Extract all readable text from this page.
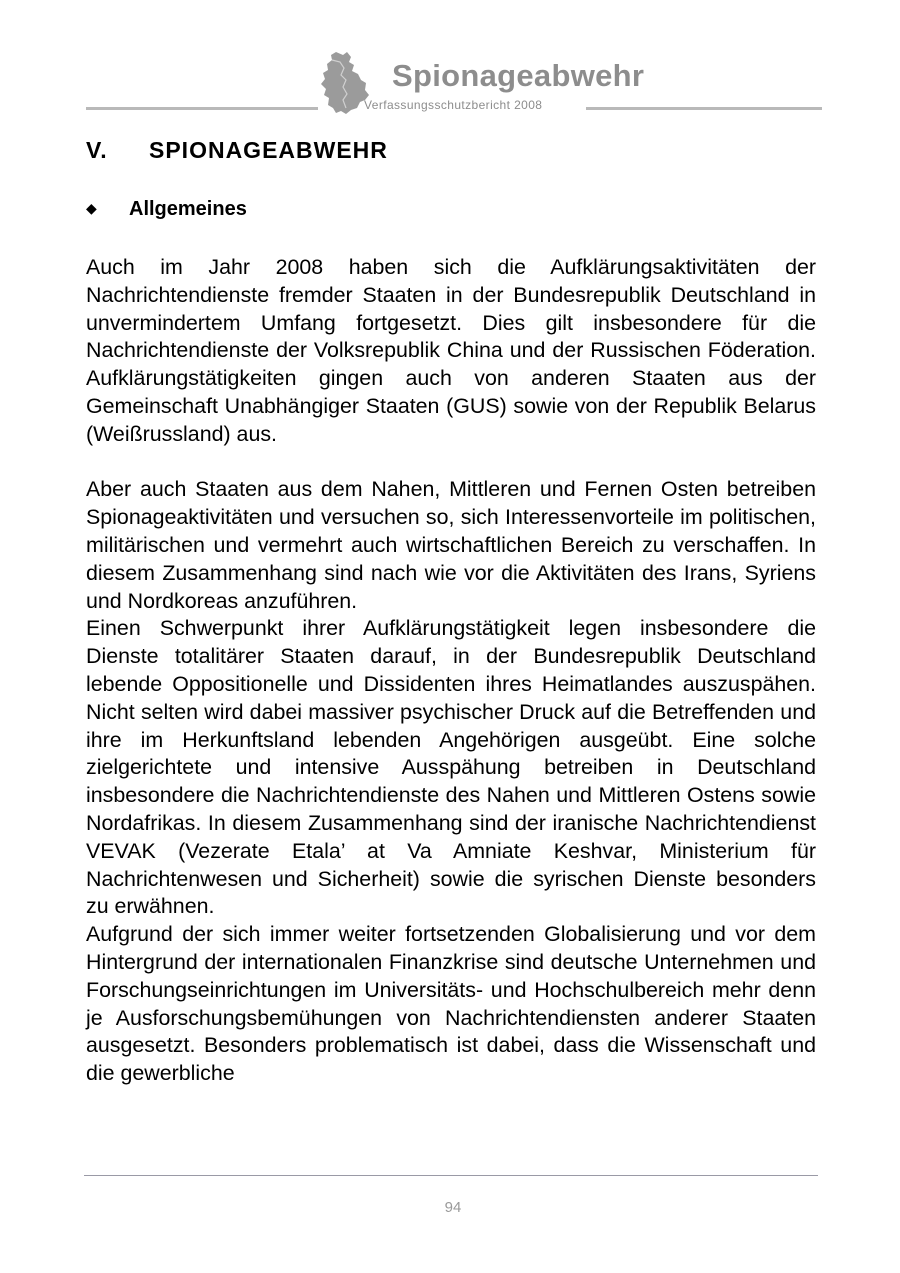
Spionageabwehr
Verfassungsschutzbericht 2008
V. SPIONAGEABWEHR
◆ Allgemeines

Auch im Jahr 2008 haben sich die Aufklärungsaktivitäten der Nachrichtendienste fremder Staaten in der Bundesrepublik Deutschland in unvermindertem Umfang fortgesetzt. Dies gilt insbesondere für die Nachrichtendienste der Volksrepublik China und der Russischen Föderation. Aufklärungstätigkeiten gingen auch von anderen Staaten aus der Gemeinschaft Unabhängiger Staaten (GUS) sowie von der Republik Belarus (Weißrussland) aus.

Aber auch Staaten aus dem Nahen, Mittleren und Fernen Osten betreiben Spionageaktivitäten und versuchen so, sich Interessenvorteile im politischen, militärischen und vermehrt auch wirtschaftlichen Bereich zu verschaffen. In diesem Zusammenhang sind nach wie vor die Aktivitäten des Irans, Syriens und Nordkoreas anzuführen.

Einen Schwerpunkt ihrer Aufklärungstätigkeit legen insbesondere die Dienste totalitärer Staaten darauf, in der Bundesrepublik Deutschland lebende Oppositionelle und Dissidenten ihres Heimatlandes auszuspähen. Nicht selten wird dabei massiver psychischer Druck auf die Betreffenden und ihre im Herkunftsland lebenden Angehörigen ausgeübt. Eine solche zielgerichtete und intensive Ausspähung betreiben in Deutschland insbesondere die Nachrichtendienste des Nahen und Mittleren Ostens sowie Nordafrikas. In diesem Zusammenhang sind der iranische Nachrichtendienst VEVAK (Vezerate Etala’ at Va Amniate Keshvar, Ministerium für Nachrichtenwesen und Sicherheit) sowie die syrischen Dienste besonders zu erwähnen.

Aufgrund der sich immer weiter fortsetzenden Globalisierung und vor dem Hintergrund der internationalen Finanzkrise sind deutsche Unternehmen und Forschungseinrichtungen im Universitäts- und Hochschulbereich mehr denn je Ausforschungsbemühungen von Nachrichtendiensten anderer Staaten ausgesetzt. Besonders problematisch ist dabei, dass die Wissenschaft und die gewerbliche

94
